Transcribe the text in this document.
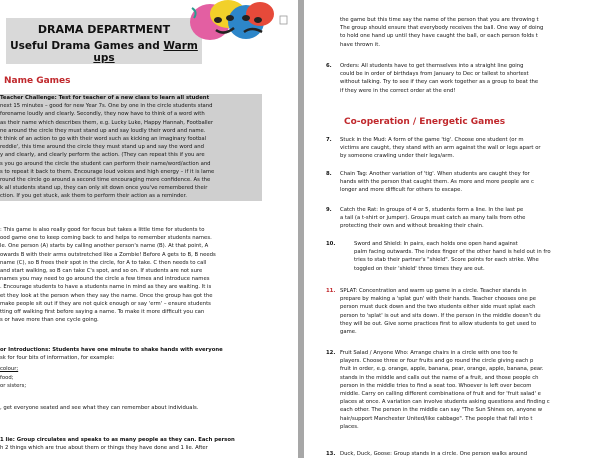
DRAMA DEPARTMENT
Useful Drama Games and Warm ups
Name Games
Teacher Challenge: Test for teacher of a new class to learn all student
next 15 minutes – good for new Year 7s. One by one in the circle students stand
forename loudly and clearly. Secondly, they now have to think of a word with
as their name which describes them, e.g. Lucky Luke, Happy Hannah, Footballer
ne around the circle they must stand up and say loudly their word and name.
t think of an action to go with their word such as kicking an imaginary footbal
reddie', this time around the circle they must stand up and say the word and
y and clearly, and clearly perform the action. (They can repeat this if you are
s you go around the circle the student can perform their name/word/action and
s to repeat it back to them. Encourage loud voices and high energy – if it is lame
round the circle go around a second time encouraging more confidence. As the
k all students stand up, they can only sit down once you've remembered their
ction. If you get stuck, ask them to perform their action as a reminder.
: This game is also really good for focus but takes a little time for students to
ood game one to keep coming back to and helps to remember students names.
le. One person (A) starts by calling another person's name (B). At that point, A
owards B with their arms outstretched like a Zombie! Before A gets to B, B needs
name (C), so B frees their spot in the circle, for A to take. C then needs to call
and start walking, so B can take C's spot, and so on. If students are not sure
names you may need to go around the circle a few times and introduce names
. Encourage students to have a students name in mind as they are waiting. It is
et they look at the person when they say the name. Once the group has got the
make people sit out if they are not quick enough or say 'erm' – ensure students
tting off walking first before saying a name. To make it more difficult you can
s or have more than one cycle going.
or Introductions: Students have one minute to shake hands with everyone
sk for four bits of information, for example:
colour;
food;
or sisters;
, get everyone seated and see what they can remember about individuals.
1 lie: Group circulates and speaks to as many people as they can. Each person
h 2 things which are true about them or things they have done and 1 lie. After
the game but this time say the name of the person that you are throwing t
The group should ensure that everybody receives the ball. One way of doing
to hold one hand up until they have caught the ball, or each person folds t
have thrown it.
6. Orders: All students have to get themselves into a straight line going
could be in order of birthdays from January to Dec or tallest to shortest
without talking. Try to see if they can work together as a group to beat the
if they were in the correct order at the end!
Co-operation / Energetic Games
7. Stuck in the Mud: A form of the game 'tig'. Choose one student (or m
victims are caught, they stand with an arm against the wall or legs apart or
by someone crawling under their legs/arm.
8. Chain Tag: Another variation of 'tig'. When students are caught they for
hands with the person that caught them. As more and more people are c
longer and more difficult for others to escape.
9. Catch the Rat: In groups of 4 or 5, students form a line. In the last pe
a tail (a t-shirt or jumper). Groups must catch as many tails from othe
protecting their own and without breaking their chain.
10.	Sword and Shield: In pairs, each holds one open hand against
palm facing outwards. The index finger of the other hand is held out in fro
tries to stab their partner's "shield". Score points for each strike. Whe
toggled on their 'shield' three times they are out.
11. SPLAT: Concentration and warm up game in a circle. Teacher stands in
prepare by making a 'splat gun' with their hands. Teacher chooses one pe
person must duck down and the two students either side must splat each
person to 'splat' is out and sits down. If the person in the middle doesn't du
they will be out. Give some practices first to allow students to get used to
game.
12. Fruit Salad / Anyone Who: Arrange chairs in a circle with one too fe
players. Choose three or four fruits and go round the circle giving each p
fruit in order, e.g. orange, apple, banana, pear, orange, apple, banana, pear.
stands in the middle and calls out the name of a fruit, and those people ch
person in the middle tries to find a seat too. Whoever is left over becom
middle. Carry on calling different combinations of fruit and for 'fruit salad' e
places at once. A variation can involve students asking questions and finding c
each other. The person in the middle can say "The Sun Shines on, anyone w
hair/support Manchester United/like cabbage". The people that fall into t
places.
13. Duck, Duck, Goose: Group stands in a circle. One person walks around
